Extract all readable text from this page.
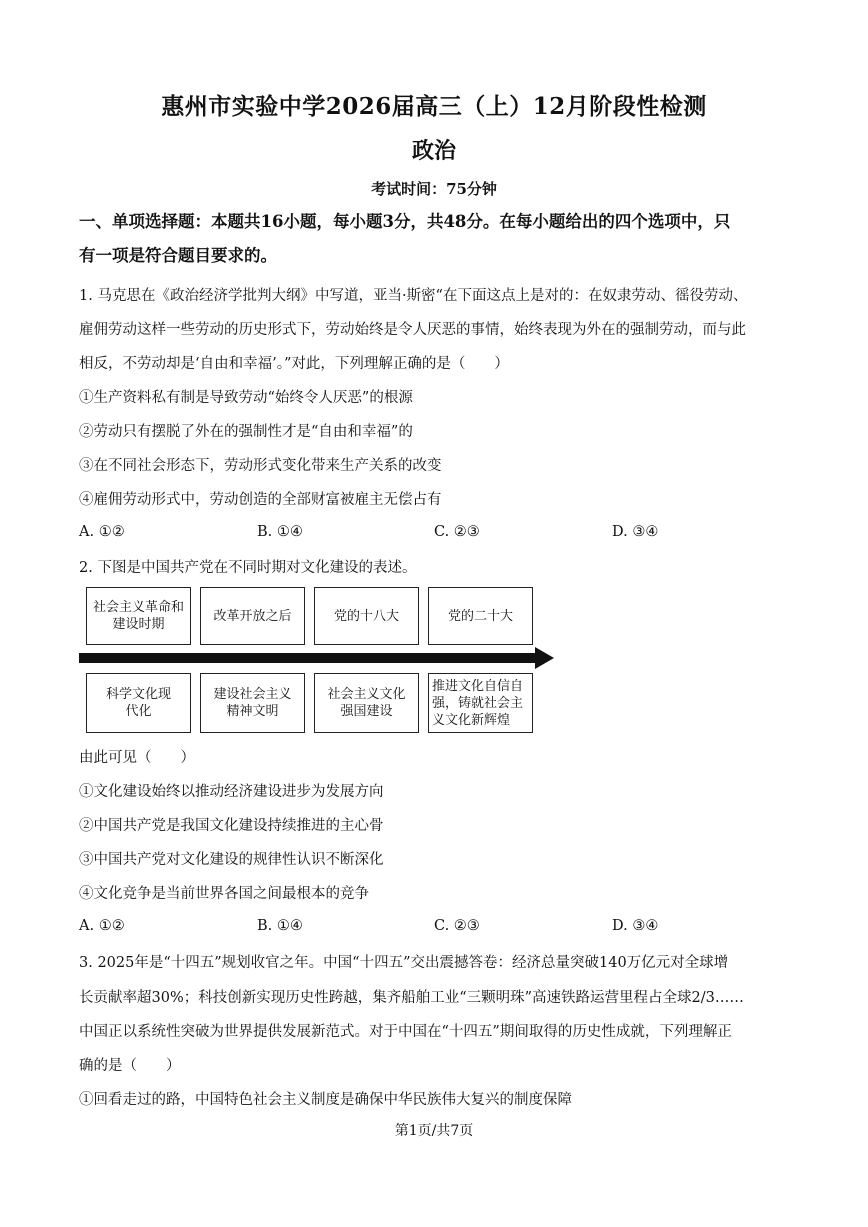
惠州市实验中学2026届高三（上）12月阶段性检测
政治
考试时间：75分钟
一、单项选择题：本题共16小题，每小题3分，共48分。在每小题给出的四个选项中，只
有一项是符合题目要求的。
1. 马克思在《政治经济学批判大纲》中写道，亚当·斯密“在下面这点上是对的：在奴隶劳动、徭役劳动、
雇佣劳动这样一些劳动的历史形式下，劳动始终是令人厌恶的事情，始终表现为外在的强制劳动，而与此
相反，不劳动却是‘自由和幸福’。”对此，下列理解正确的是（　　）
①生产资料私有制是导致劳动“始终令人厌恶”的根源
②劳动只有摆脱了外在的强制性才是“自由和幸福”的
③在不同社会形态下，劳动形式变化带来生产关系的改变
④雇佣劳动形式中，劳动创造的全部财富被雇主无偿占有
A. ①②	B. ①④	C. ②③	D. ③④
2. 下图是中国共产党在不同时期对文化建设的表述。
社会主义革命和建设时期
改革开放之后	党的十八大	党的二十大
科学文化现代化
建设社会主义精神文明
社会主义文化强国建设
推进文化自信自强，铸就社会主义文化新辉煌
由此可见（　　）
①文化建设始终以推动经济建设进步为发展方向
②中国共产党是我国文化建设持续推进的主心骨
③中国共产党对文化建设的规律性认识不断深化
④文化竞争是当前世界各国之间最根本的竞争
A. ①②	B. ①④	C. ②③	D. ③④
3. 2025年是“十四五”规划收官之年。中国“十四五”交出震撼答卷：经济总量突破140万亿元对全球增
长贡献率超30%；科技创新实现历史性跨越，集齐船舶工业“三颗明珠”高速铁路运营里程占全球2/3……
中国正以系统性突破为世界提供发展新范式。对于中国在“十四五”期间取得的历史性成就，下列理解正
确的是（　　）
①回看走过的路，中国特色社会主义制度是确保中华民族伟大复兴的制度保障
第1页/共7页
